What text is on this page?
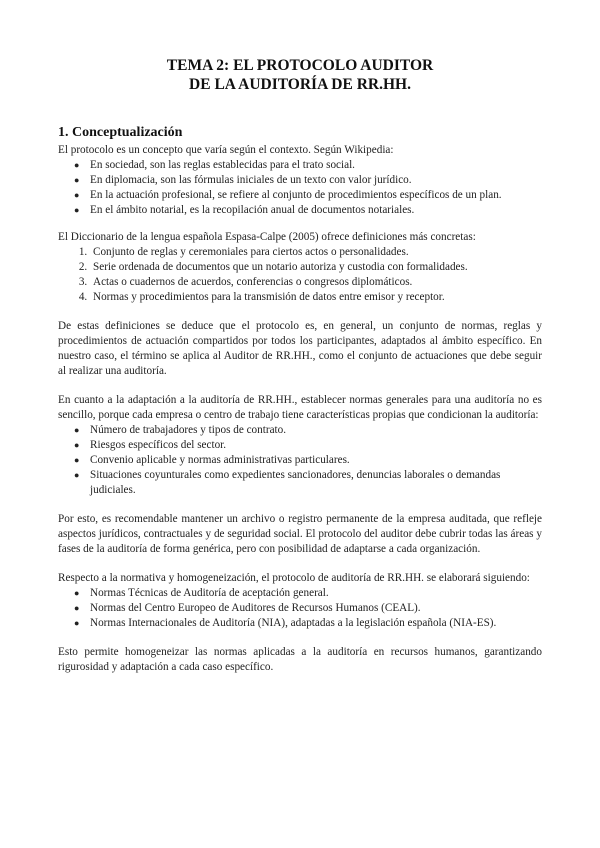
TEMA 2: EL PROTOCOLO AUDITOR
DE LA AUDITORÍA DE RR.HH.
1. Conceptualización

El protocolo es un concepto que varía según el contexto. Según Wikipedia:

● En sociedad, son las reglas establecidas para el trato social.
● En diplomacia, son las fórmulas iniciales de un texto con valor jurídico.
● En la actuación profesional, se refiere al conjunto de procedimientos específicos de un plan.
● En el ámbito notarial, es la recopilación anual de documentos notariales.

El Diccionario de la lengua española Espasa-Calpe (2005) ofrece definiciones más concretas:

1. Conjunto de reglas y ceremoniales para ciertos actos o personalidades.
2. Serie ordenada de documentos que un notario autoriza y custodia con formalidades.
3. Actas o cuadernos de acuerdos, conferencias o congresos diplomáticos.
4. Normas y procedimientos para la transmisión de datos entre emisor y receptor.

De estas definiciones se deduce que el protocolo es, en general, un conjunto de normas, reglas y procedimientos de actuación compartidos por todos los participantes, adaptados al ámbito específico. En nuestro caso, el término se aplica al Auditor de RR.HH., como el conjunto de actuaciones que debe seguir al realizar una auditoría.

En cuanto a la adaptación a la auditoría de RR.HH., establecer normas generales para una auditoría no es sencillo, porque cada empresa o centro de trabajo tiene características propias que condicionan la auditoría:

● Número de trabajadores y tipos de contrato.
● Riesgos específicos del sector.
● Convenio aplicable y normas administrativas particulares.
● Situaciones coyunturales como expedientes sancionadores, denuncias laborales o demandas judiciales.

Por esto, es recomendable mantener un archivo o registro permanente de la empresa auditada, que refleje aspectos jurídicos, contractuales y de seguridad social. El protocolo del auditor debe cubrir todas las áreas y fases de la auditoría de forma genérica, pero con posibilidad de adaptarse a cada organización.

Respecto a la normativa y homogeneización, el protocolo de auditoría de RR.HH. se elaborará siguiendo:

● Normas Técnicas de Auditoría de aceptación general.
● Normas del Centro Europeo de Auditores de Recursos Humanos (CEAL).
● Normas Internacionales de Auditoría (NIA), adaptadas a la legislación española (NIA-ES).

Esto permite homogeneizar las normas aplicadas a la auditoría en recursos humanos, garantizando rigurosidad y adaptación a cada caso específico.
